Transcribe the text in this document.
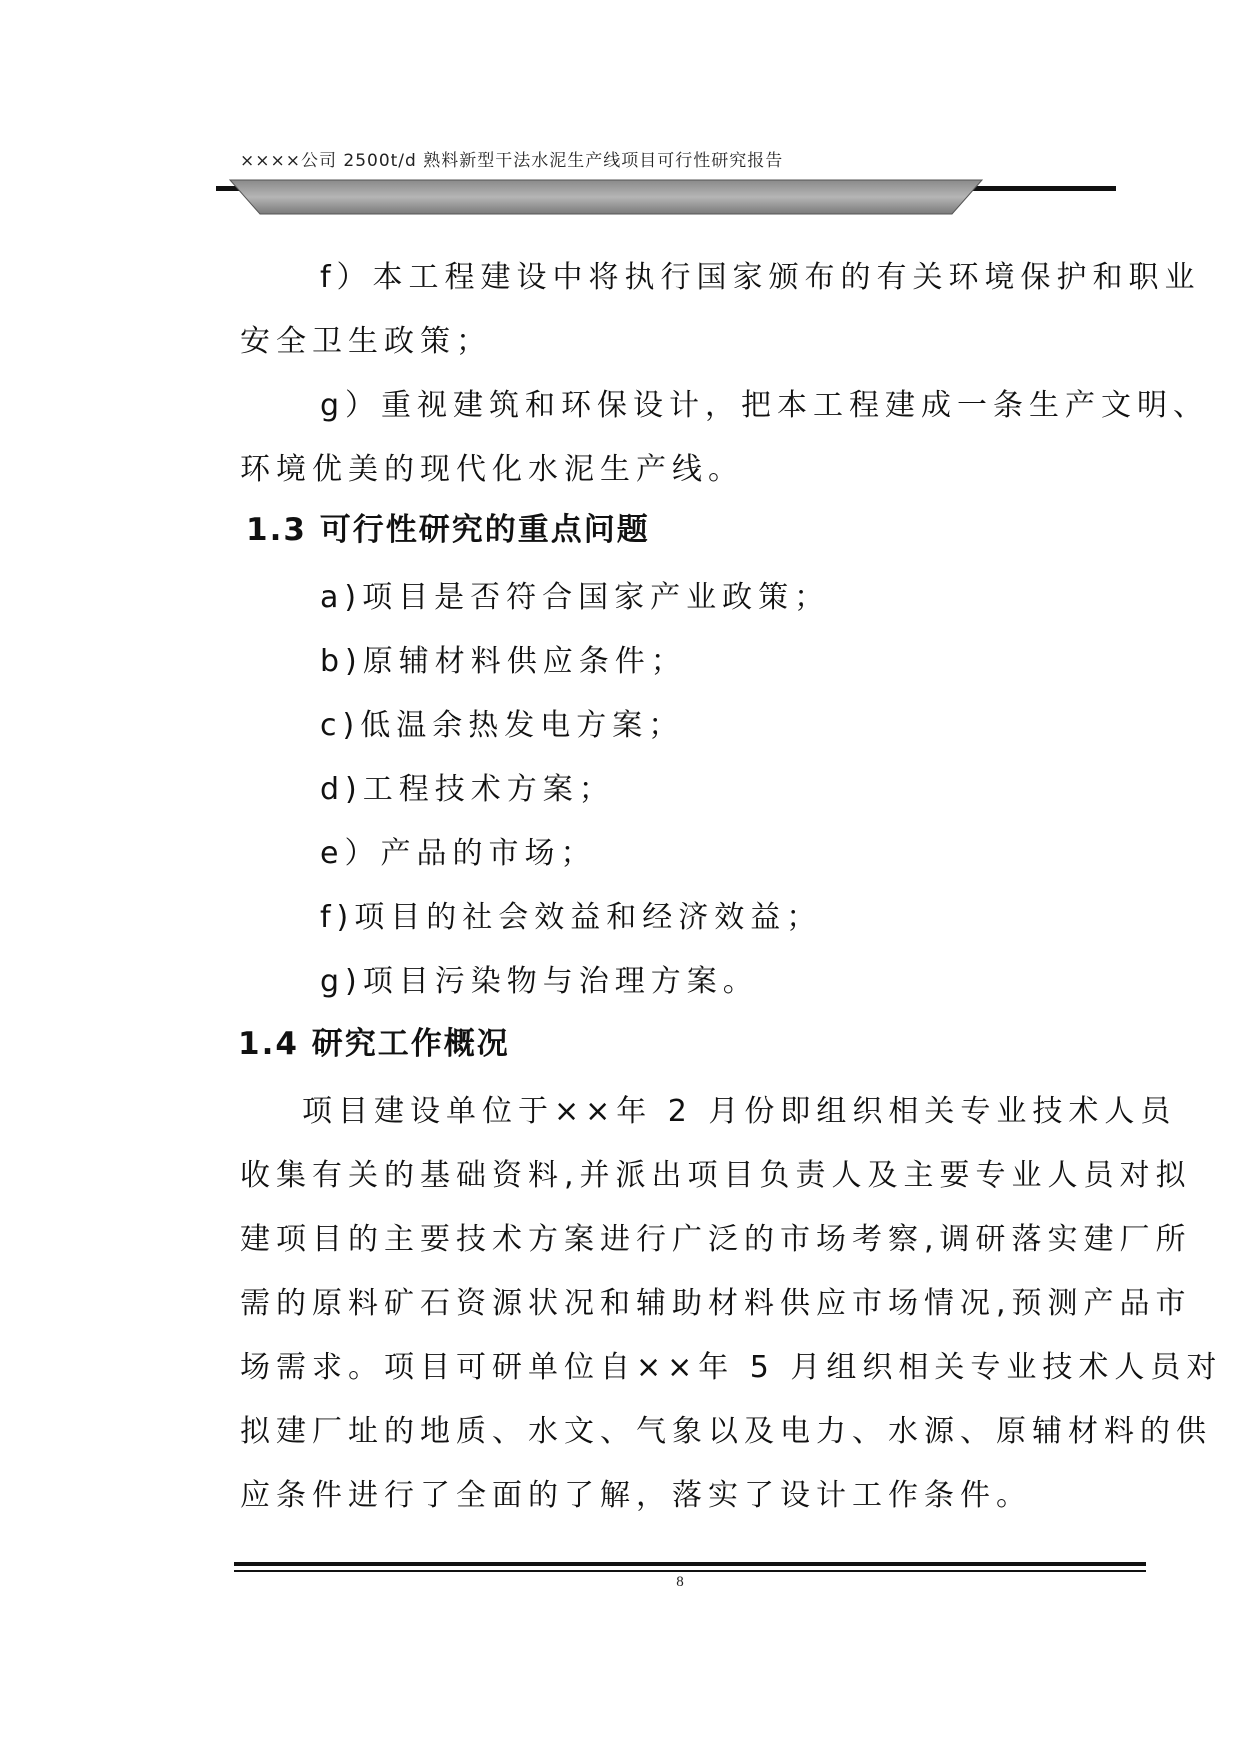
××××公司 2500t/d 熟料新型干法水泥生产线项目可行性研究报告
f）本工程建设中将执行国家颁布的有关环境保护和职业
安全卫生政策；
g）重视建筑和环保设计，把本工程建成一条生产文明、
环境优美的现代化水泥生产线。
1.3 可行性研究的重点问题
a)项目是否符合国家产业政策；
b)原辅材料供应条件；
c)低温余热发电方案；
d)工程技术方案；
e）产品的市场；
f)项目的社会效益和经济效益；
g)项目污染物与治理方案。
1.4 研究工作概况
项目建设单位于××年 2 月份即组织相关专业技术人员
收集有关的基础资料,并派出项目负责人及主要专业人员对拟
建项目的主要技术方案进行广泛的市场考察,调研落实建厂所
需的原料矿石资源状况和辅助材料供应市场情况,预测产品市
场需求。项目可研单位自××年 5 月组织相关专业技术人员对
拟建厂址的地质、水文、气象以及电力、水源、原辅材料的供
应条件进行了全面的了解，落实了设计工作条件。
8
